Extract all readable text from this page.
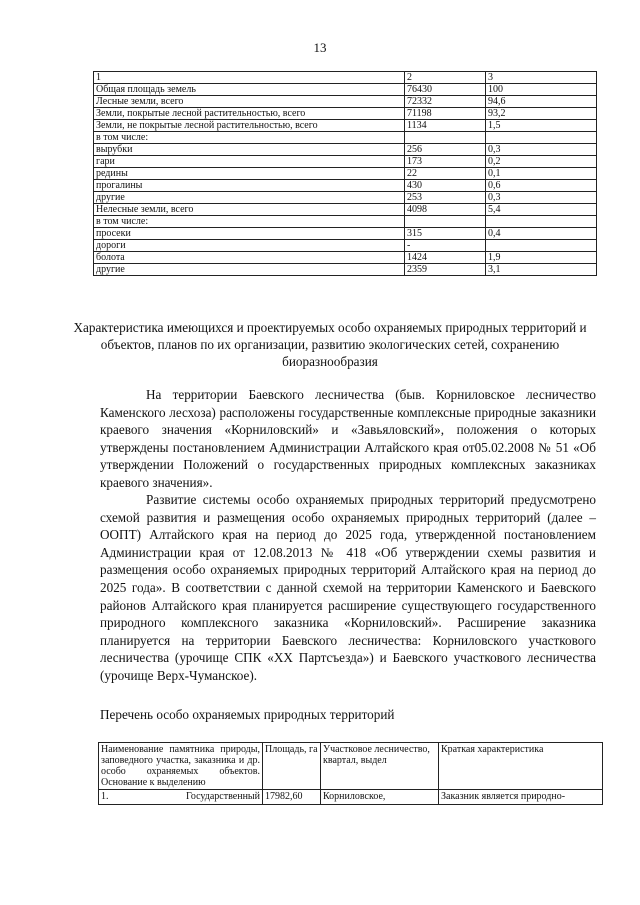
13
1	2	3
Общая площадь земель	76430	100
Лесные земли, всего	72332	94,6
Земли, покрытые лесной растительностью, всего	71198	93,2
Земли, не покрытые лесной растительностью, всего	1134	1,5
в том числе:		
вырубки	256	0,3
гари	173	0,2
редины	22	0,1
прогалины	430	0,6
другие	253	0,3
Нелесные земли, всего	4098	5,4
в том числе:		
просеки	315	0,4
дороги	-	
болота	1424	1,9
другие	2359	3,1
Характеристика имеющихся и проектируемых особо охраняемых природных территорий и объектов, планов по их организации, развитию экологических сетей, сохранению биоразнообразия
На территории Баевского лесничества (быв. Корниловское лесничество Каменского лесхоза) расположены государственные комплексные природные заказники краевого значения «Корниловский» и «Завьяловский», положения о которых утверждены постановлением Администрации Алтайского края от05.02.2008 № 51 «Об утверждении Положений о государственных природных комплексных заказниках краевого значения».
Развитие системы особо охраняемых природных территорий предусмотрено схемой развития и размещения особо охраняемых природных территорий (далее – ООПТ) Алтайского края на период до 2025 года, утвержденной постановлением Администрации края от 12.08.2013 № 418 «Об утверждении схемы развития и размещения особо охраняемых природных территорий Алтайского края на период до 2025 года». В соответствии с данной схемой на территории Каменского и Баевского районов Алтайского края планируется расширение существующего государственного природного комплексного заказника «Корниловский». Расширение заказника планируется на территории Баевского лесничества: Корниловского участкового лесничества (урочище СПК «XX Партсъезда») и Баевского участкового лесничества (урочище Верх-Чуманское).
Перечень особо охраняемых природных территорий
Наименование памятника природы, заповедного участка, заказника и др. особо охраняемых объектов. Основание к выделению	Площадь, га	Участковое лесничество, квартал, выдел	Краткая характеристика
1. Государственный	17982,60	Корниловское,	Заказник является природно-
